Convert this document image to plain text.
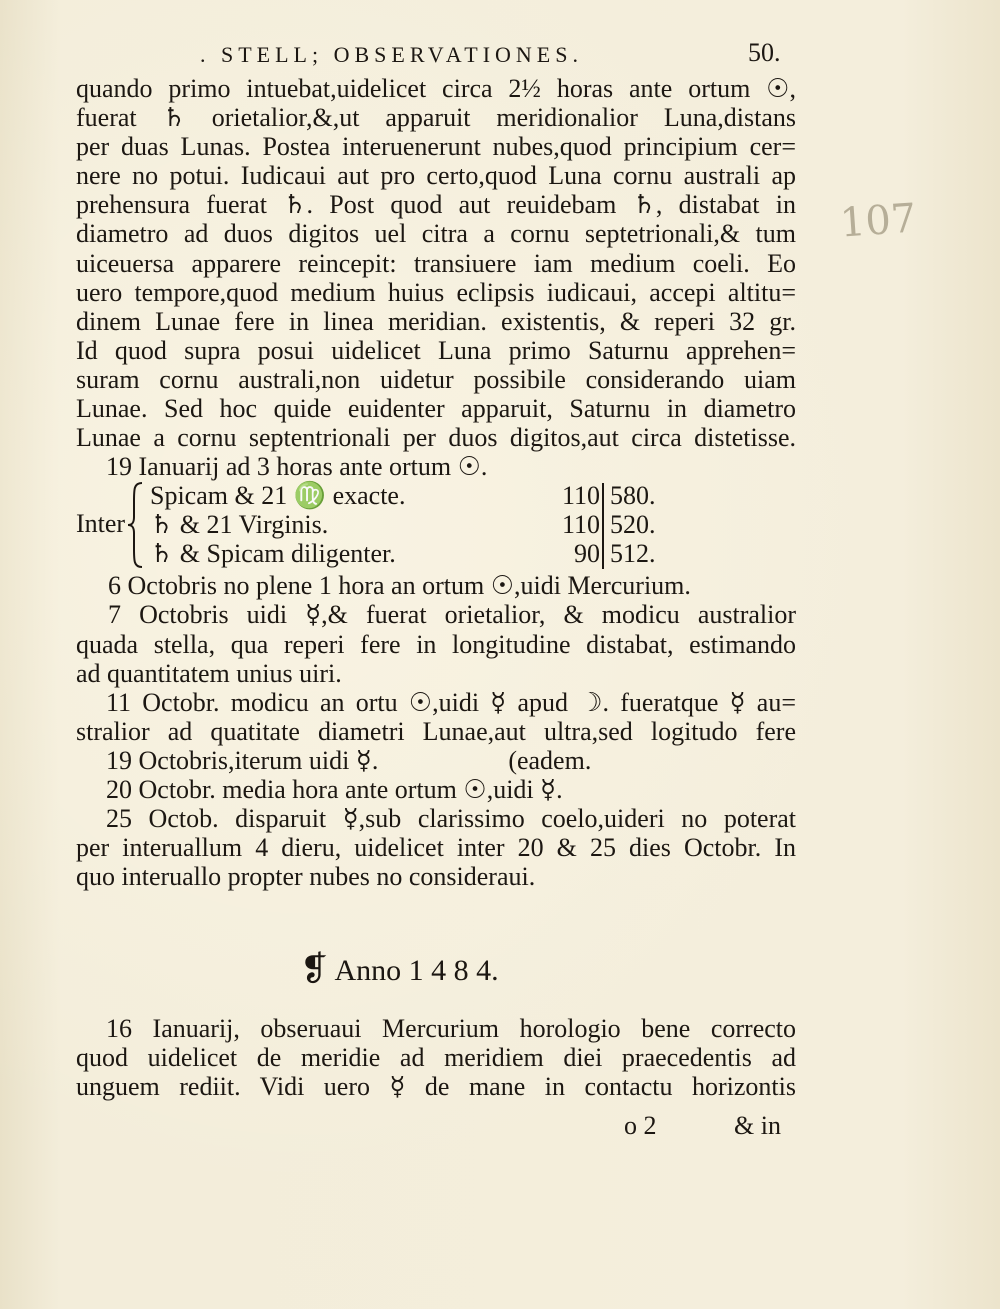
. STELL; OBSERVATIONES.	50.
107
quando primo intuebat,uidelicet circa 2½ horas ante ortum ☉,
fuerat ♄ orietalior,&,ut apparuit meridionalior Luna,distans
per duas Lunas. Postea interuenerunt nubes,quod principium cer=
nere no potui. Iudicaui aut pro certo,quod Luna cornu australi ap
prehensura fuerat ♄. Post quod aut reuidebam ♄, distabat in
diametro ad duos digitos uel citra a cornu septetrionali,& tum
uiceuersa apparere reincepit: transiuere iam medium coeli. Eo
uero tempore,quod medium huius eclipsis iudicaui, accepi altitu=
dinem Lunae fere in linea meridian. existentis, & reperi 32 gr.
Id quod supra posui uidelicet Luna primo Saturnu apprehen=
suram cornu australi,non uidetur possibile considerando uiam
Lunae. Sed hoc quide euidenter apparuit, Saturnu in diametro
Lunae a cornu septentrionali per duos digitos,aut circa distetisse.
19 Ianuarij ad 3 horas ante ortum ☉.
Inter
Spicam & 21 ♍ exacte.	110 580.
♄ & 21 Virginis.	110 520.
♄ & Spicam diligenter.	90 512.
6 Octobris no plene 1 hora an ortum ☉,uidi Mercurium.
7 Octobris uidi ☿,& fuerat orietalior, & modicu australior
quada stella, qua reperi fere in longitudine distabat, estimando
ad quantitatem unius uiri.
11 Octobr. modicu an ortu ☉,uidi ☿ apud ☽. fueratque ☿ au=
stralior ad quatitate diametri Lunae,aut ultra,sed logitudo fere
19 Octobris,iterum uidi ☿.                    (eadem.
20 Octobr. media hora ante ortum ☉,uidi ☿.
25 Octob. disparuit ☿,sub clarissimo coelo,uideri no poterat
per interuallum 4 dieru, uidelicet inter 20 & 25 dies Octobr. In
quo interuallo propter nubes no consideraui.
❡ Anno 1 4 8 4.
16 Ianuarij, obseruaui Mercurium horologio bene correcto
quod uidelicet de meridie ad meridiem diei praecedentis ad
unguem rediit. Vidi uero ☿ de mane in contactu horizontis
o 2	& in
